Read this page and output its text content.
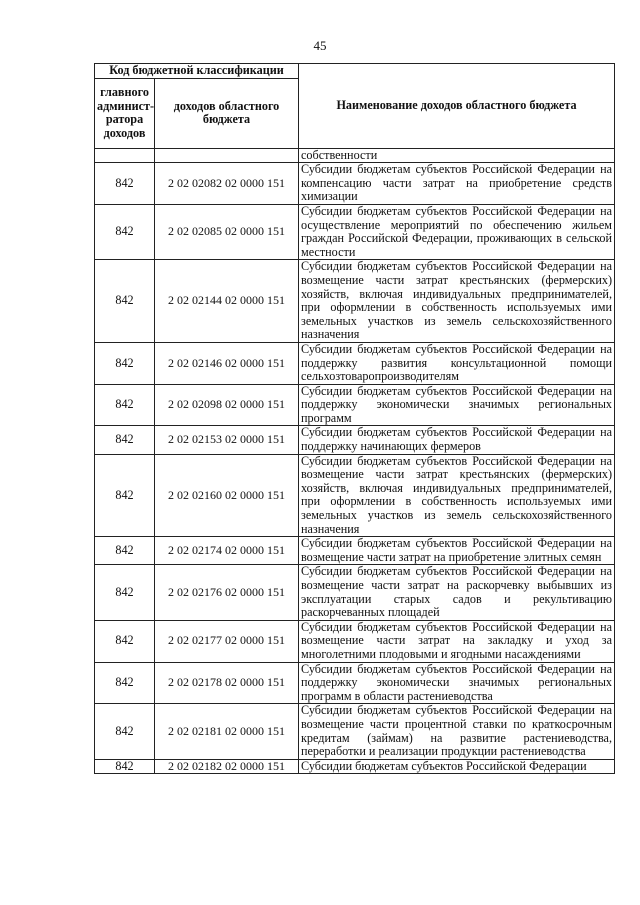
45
Код бюджетной классификации		Наименование доходов областного бюджета
главного админист-ратора доходов	доходов областного бюджета	
		собственности
842	2 02 02082 02 0000 151	Субсидии бюджетам субъектов Российской Федерации на компенсацию части затрат на приобретение средств химизации
842	2 02 02085 02 0000 151	Субсидии бюджетам субъектов Российской Федерации на осуществление мероприятий по обеспечению жильем граждан Российской Федерации, проживающих в сельской местности
842	2 02 02144 02 0000 151	Субсидии бюджетам субъектов Российской Федерации на возмещение части затрат крестьянских (фермерских) хозяйств, включая индивидуальных предпринимателей, при оформлении в собственность используемых ими земельных участков из земель сельскохозяйственного назначения
842	2 02 02146 02 0000 151	Субсидии бюджетам субъектов Российской Федерации на поддержку развития консультационной помощи сельхозтоваропроизводителям
842	2 02 02098 02 0000 151	Субсидии бюджетам субъектов Российской Федерации на поддержку экономически значимых региональных программ
842	2 02 02153 02 0000 151	Субсидии бюджетам субъектов Российской Федерации на поддержку начинающих фермеров
842	2 02 02160 02 0000 151	Субсидии бюджетам субъектов Российской Федерации на возмещение части затрат крестьянских (фермерских) хозяйств, включая индивидуальных предпринимателей, при оформлении в собственность используемых ими земельных участков из земель сельскохозяйственного назначения
842	2 02 02174 02 0000 151	Субсидии бюджетам субъектов Российской Федерации на возмещение части затрат на приобретение элитных семян
842	2 02 02176 02 0000 151	Субсидии бюджетам субъектов Российской Федерации на возмещение части затрат на раскорчевку выбывших из эксплуатации старых садов и рекультивацию раскорчеванных площадей
842	2 02 02177 02 0000 151	Субсидии бюджетам субъектов Российской Федерации на возмещение части затрат на закладку и уход за многолетними плодовыми и ягодными насаждениями
842	2 02 02178 02 0000 151	Субсидии бюджетам субъектов Российской Федерации на поддержку экономически значимых региональных программ в области растениеводства
842	2 02 02181 02 0000 151	Субсидии бюджетам субъектов Российской Федерации на возмещение части процентной ставки по краткосрочным кредитам (займам) на развитие растениеводства, переработки и реализации продукции растениеводства
842	2 02 02182 02 0000 151	Субсидии бюджетам субъектов Российской Федерации
